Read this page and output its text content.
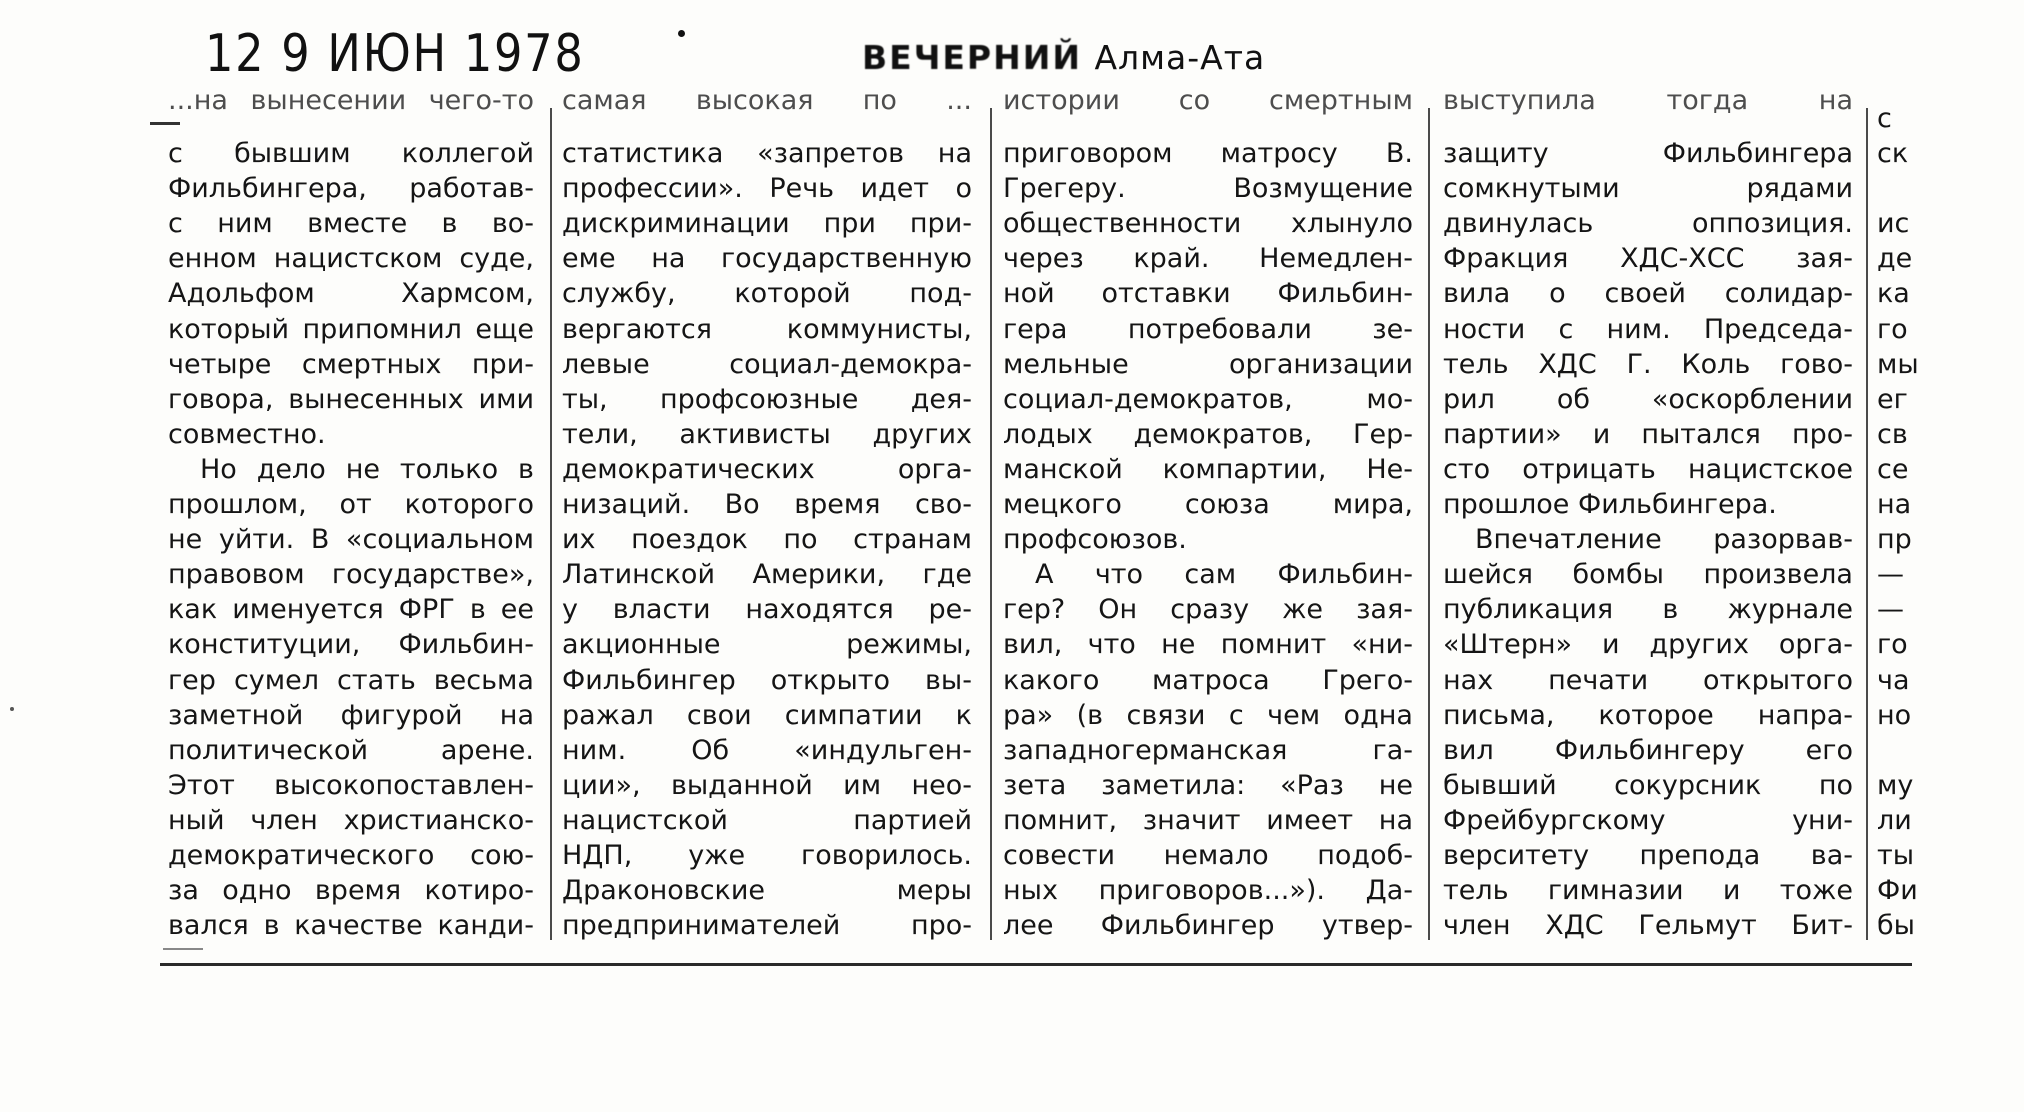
12 9 ИЮН 1978	ВЕЧЕРНИЙ Алма-Ата
...на вынесении чего-то
с бывшим коллегой
Фильбингера, работав-
с ним вместе в во-
енном нацистском суде,
Адольфом	Хармсом,
который припомнил еще
четыре смертных при-
говора, вынесенных ими
совместно.
Но дело не только в
прошлом, от которого
не уйти. В «социальном
правовом государстве»,
как именуется ФРГ в ее
конституции, Фильбин-
гер сумел стать весьма
заметной фигурой на
политической	арене.
Этот высокопоставлен-
ный член христианско-
демократического сою-
за одно время котиро-
вался в качестве канди-
самая высокая по ...
статистика «запретов на
профессии». Речь идет о
дискриминации при при-
еме на государственную
службу, которой под-
вергаются	коммунисты,
левые	социал-демокра-
ты, профсоюзные дея-
тели, активисты других
демократических	орга-
низаций. Во время сво-
их поездок по странам
Латинской Америки, где
у власти находятся ре-
акционные	режимы,
Фильбингер открыто вы-
ражал свои симпатии к
ним. Об «индульген-
ции», выданной им нео-
нацистской	партией
НДП, уже говорилось.
Драконовские	меры
предпринимателей	про-
истории со смертным
приговором матросу В.
Грегеру.	Возмущение
общественности хлынуло
через край. Немедлен-
ной отставки Фильбин-
гера потребовали зе-
мельные	организации
социал-демократов,	мо-
лодых демократов, Гер-
манской компартии, Не-
мецкого союза мира,
профсоюзов.
А что сам Фильбин-
гер? Он сразу же зая-
вил, что не помнит «ни-
какого матроса Грего-
ра» (в связи с чем одна
западногерманская	га-
зета заметила: «Раз не
помнит, значит имеет на
совести немало подоб-
ных приговоров...»). Да-
лее Фильбингер утвер-
выступила	тогда	на
защиту	Фильбингера
сомкнутыми	рядами
двинулась	оппозиция.
Фракция ХДС-ХСС зая-
вила о своей солидар-
ности с ним. Председа-
тель ХДС Г. Коль гово-
рил об «оскорблении
партии» и пытался про-
сто отрицать нацистское
прошлое Фильбингера.
Впечатление разорвав-
шейся бомбы произвела
публикация в журнале
«Штерн» и других орга-
нах печати открытого
письма, которое напра-
вил Фильбингеру его
бывший сокурсник по
Фрейбургскому	уни-
верситету препода ва-
тель гимназии и тоже
член ХДС Гельмут Бит-
с
ск
ис
де
ка
го
мы
ег
св
се
на
пр
—
—
го
ча
но
му
ли
ты
Фи
бы
